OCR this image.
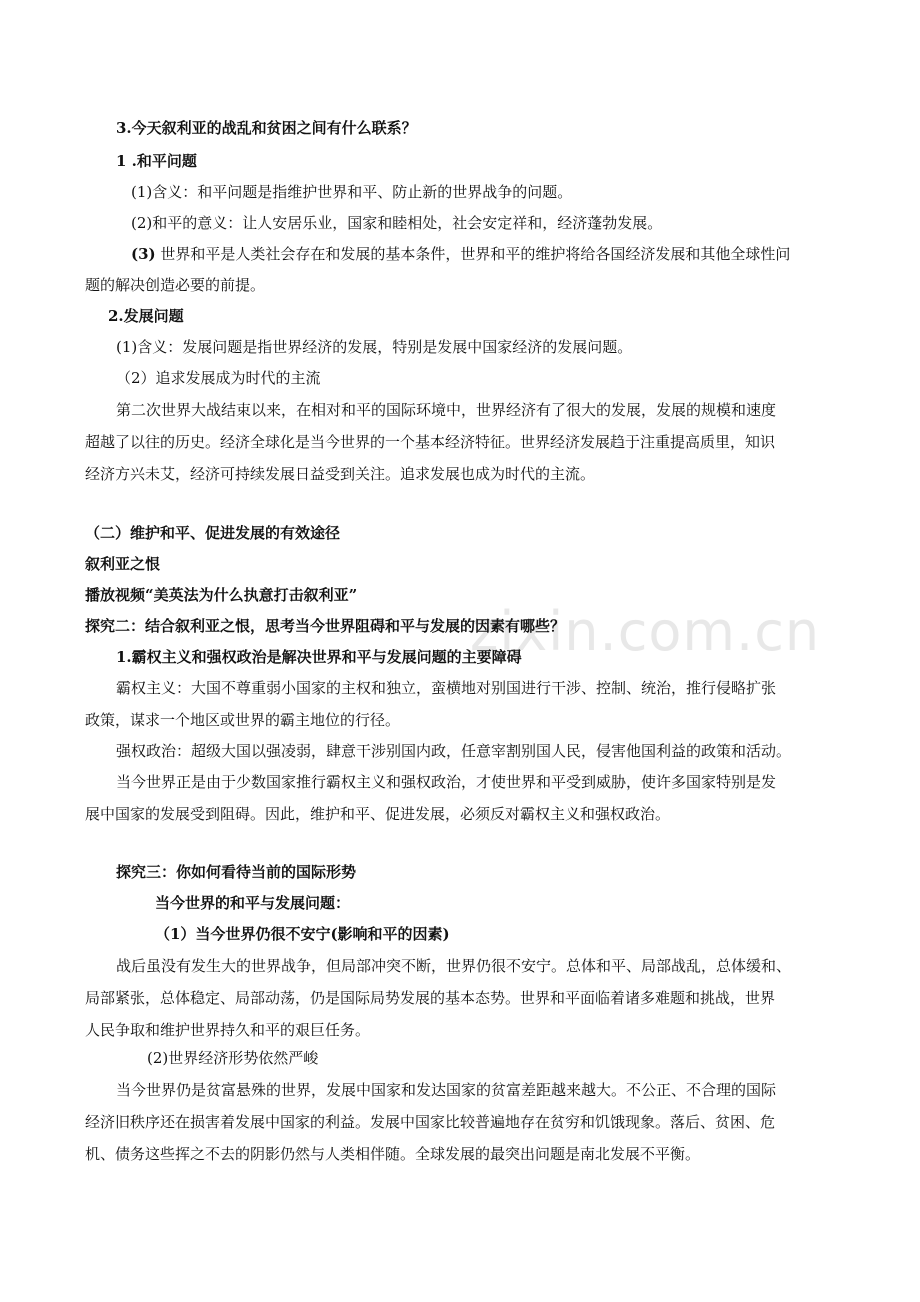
zixin.com.cn
3.今天叙利亚的战乱和贫困之间有什么联系？
1 .和平问题
(1)含义：和平问题是指维护世界和平、防止新的世界战争的问题。
(2)和平的意义：让人安居乐业，国家和睦相处，社会安定祥和，经济蓬勃发展。
(3) 世界和平是人类社会存在和发展的基本条件，世界和平的维护将给各国经济发展和其他全球性问
题的解决创造必要的前提。
2.发展问题
(1)含义：发展问题是指世界经济的发展，特别是发展中国家经济的发展问题。
（2）追求发展成为时代的主流
第二次世界大战结束以来，在相对和平的国际环境中，世界经济有了很大的发展，发展的规模和速度
超越了以往的历史。经济全球化是当今世界的一个基本经济特征。世界经济发展趋于注重提高质里，知识
经济方兴未艾，经济可持续发展日益受到关注。追求发展也成为时代的主流。
（二）维护和平、促进发展的有效途径
叙利亚之恨
播放视频“美英法为什么执意打击叙利亚”
探究二：结合叙利亚之恨，思考当今世界阻碍和平与发展的因素有哪些？
1.霸权主义和强权政治是解决世界和平与发展问题的主要障碍
霸权主义：大国不尊重弱小国家的主权和独立，蛮横地对别国进行干涉、控制、统治，推行侵略扩张
政策，谋求一个地区或世界的霸主地位的行径。
强权政治：超级大国以强凌弱，肆意干涉别国内政，任意宰割别国人民，侵害他国利益的政策和活动。
当今世界正是由于少数国家推行霸权主义和强权政治，才使世界和平受到威胁，使许多国家特别是发
展中国家的发展受到阻碍。因此，维护和平、促进发展，必须反对霸权主义和强权政治。
探究三：你如何看待当前的国际形势
当今世界的和平与发展问题：
（1）当今世界仍很不安宁(影响和平的因素)
战后虽没有发生大的世界战争，但局部冲突不断，世界仍很不安宁。总体和平、局部战乱，总体缓和、
局部紧张，总体稳定、局部动荡，仍是国际局势发展的基本态势。世界和平面临着诸多难题和挑战，世界
人民争取和维护世界持久和平的艰巨任务。
(2)世界经济形势依然严峻
当今世界仍是贫富悬殊的世界，发展中国家和发达国家的贫富差距越来越大。不公正、不合理的国际
经济旧秩序还在损害着发展中国家的利益。发展中国家比较普遍地存在贫穷和饥饿现象。落后、贫困、危
机、债务这些挥之不去的阴影仍然与人类相伴随。全球发展的最突出问题是南北发展不平衡。
